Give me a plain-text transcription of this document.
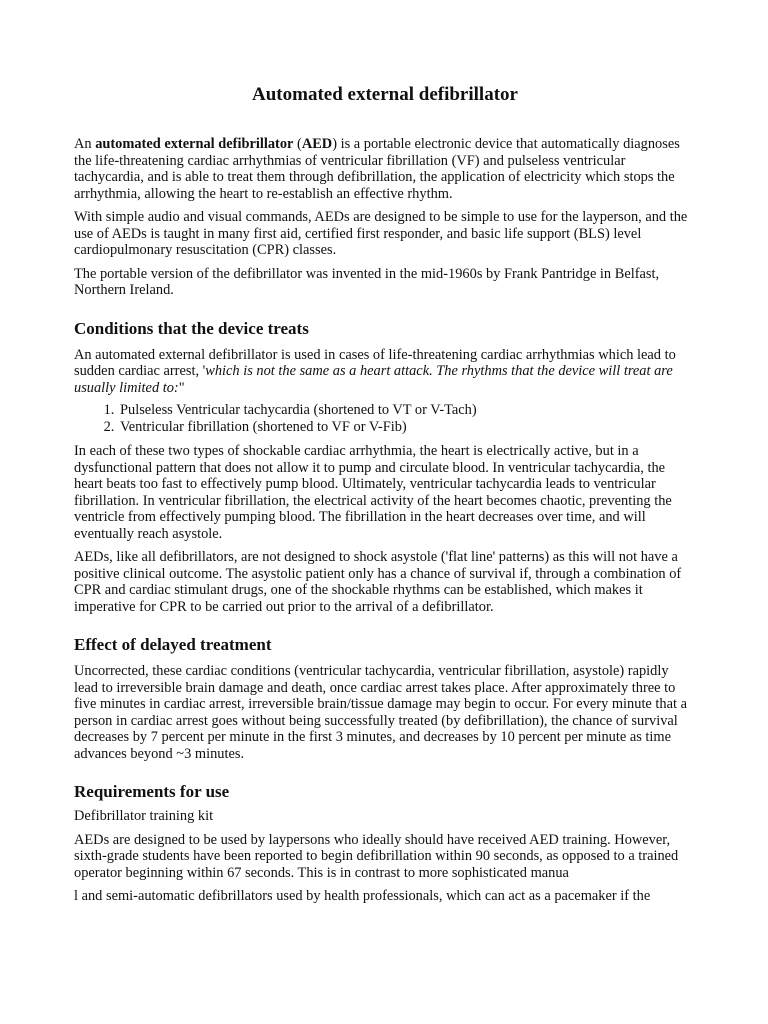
Automated external defibrillator

An automated external defibrillator (AED) is a portable electronic device that automatically diagnoses the life-threatening cardiac arrhythmias of ventricular fibrillation (VF) and pulseless ventricular tachycardia, and is able to treat them through defibrillation, the application of electricity which stops the arrhythmia, allowing the heart to re-establish an effective rhythm.

With simple audio and visual commands, AEDs are designed to be simple to use for the layperson, and the use of AEDs is taught in many first aid, certified first responder, and basic life support (BLS) level cardiopulmonary resuscitation (CPR) classes.

The portable version of the defibrillator was invented in the mid-1960s by Frank Pantridge in Belfast, Northern Ireland.

Conditions that the device treats

An automated external defibrillator is used in cases of life-threatening cardiac arrhythmias which lead to sudden cardiac arrest, 'which is not the same as a heart attack. The rhythms that the device will treat are usually limited to:"

1. Pulseless Ventricular tachycardia (shortened to VT or V-Tach)
2. Ventricular fibrillation (shortened to VF or V-Fib)

In each of these two types of shockable cardiac arrhythmia, the heart is electrically active, but in a dysfunctional pattern that does not allow it to pump and circulate blood. In ventricular tachycardia, the heart beats too fast to effectively pump blood. Ultimately, ventricular tachycardia leads to ventricular fibrillation. In ventricular fibrillation, the electrical activity of the heart becomes chaotic, preventing the ventricle from effectively pumping blood. The fibrillation in the heart decreases over time, and will eventually reach asystole.

AEDs, like all defibrillators, are not designed to shock asystole ('flat line' patterns) as this will not have a positive clinical outcome. The asystolic patient only has a chance of survival if, through a combination of CPR and cardiac stimulant drugs, one of the shockable rhythms can be established, which makes it imperative for CPR to be carried out prior to the arrival of a defibrillator.

Effect of delayed treatment

Uncorrected, these cardiac conditions (ventricular tachycardia, ventricular fibrillation, asystole) rapidly lead to irreversible brain damage and death, once cardiac arrest takes place. After approximately three to five minutes in cardiac arrest, irreversible brain/tissue damage may begin to occur. For every minute that a person in cardiac arrest goes without being successfully treated (by defibrillation), the chance of survival decreases by 7 percent per minute in the first 3 minutes, and decreases by 10 percent per minute as time advances beyond ~3 minutes.

Requirements for use

Defibrillator training kit

AEDs are designed to be used by laypersons who ideally should have received AED training. However, sixth-grade students have been reported to begin defibrillation within 90 seconds, as opposed to a trained operator beginning within 67 seconds. This is in contrast to more sophisticated manua

l and semi-automatic defibrillators used by health professionals, which can act as a pacemaker if the
